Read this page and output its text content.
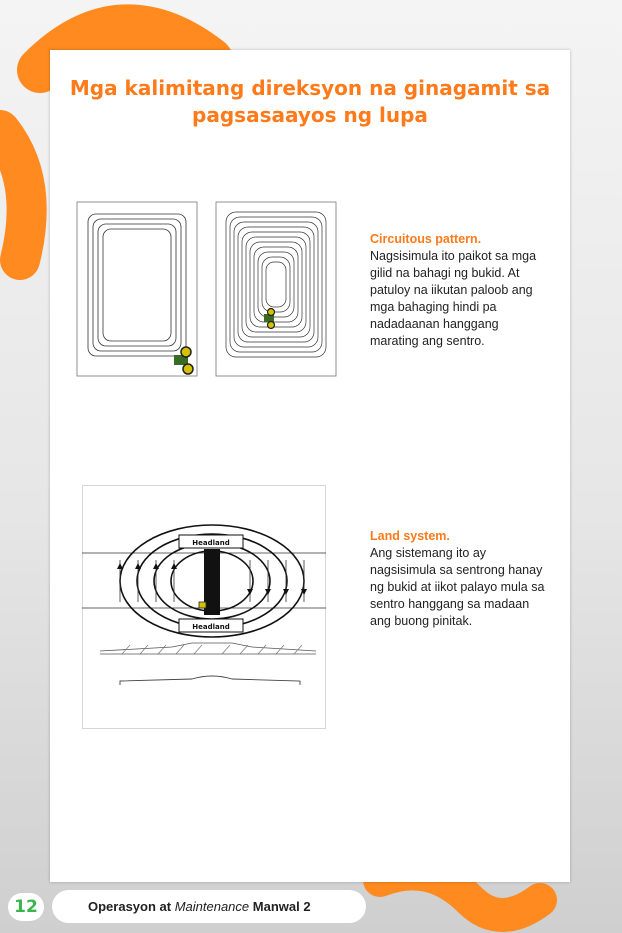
Mga kalimitang direksyon na ginagamit sa pagsasaayos ng lupa
Circuitous pattern.
Nagsisimula ito paikot sa mga gilid na bahagi ng bukid. At patuloy na iikutan paloob ang mga bahaging hindi pa nadadaanan hanggang marating ang sentro.
Headland
Headland
Land system.
Ang sistemang ito ay nagsisimula sa sentrong hanay ng bukid at iikot palayo mula sa sentro hanggang sa madaan ang buong pinitak.
12	Operasyon at Maintenance Manwal 2
